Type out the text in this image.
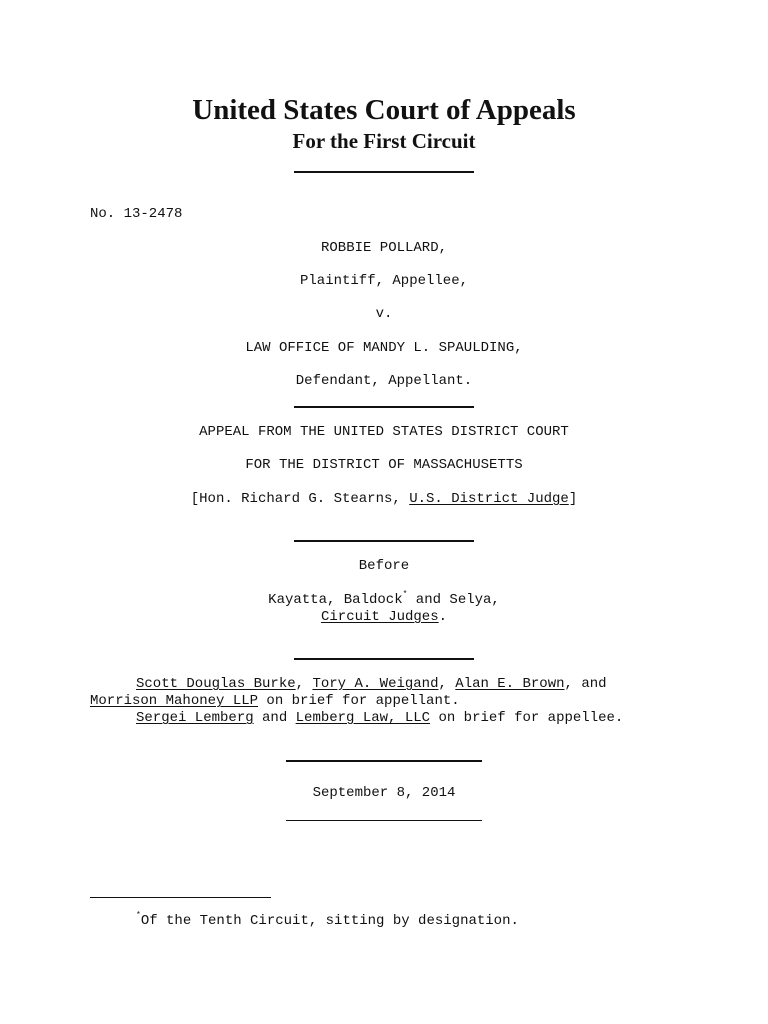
United States Court of Appeals
For the First Circuit
No. 13-2478
ROBBIE POLLARD,
Plaintiff, Appellee,
v.
LAW OFFICE OF MANDY L. SPAULDING,
Defendant, Appellant.
APPEAL FROM THE UNITED STATES DISTRICT COURT
FOR THE DISTRICT OF MASSACHUSETTS
[Hon. Richard G. Stearns, U.S. District Judge]
Before
Kayatta, Baldock* and Selya,
Circuit Judges.
Scott Douglas Burke, Tory A. Weigand, Alan E. Brown, and
Morrison Mahoney LLP on brief for appellant.
Sergei Lemberg and Lemberg Law, LLC on brief for appellee.
September 8, 2014
*Of the Tenth Circuit, sitting by designation.
